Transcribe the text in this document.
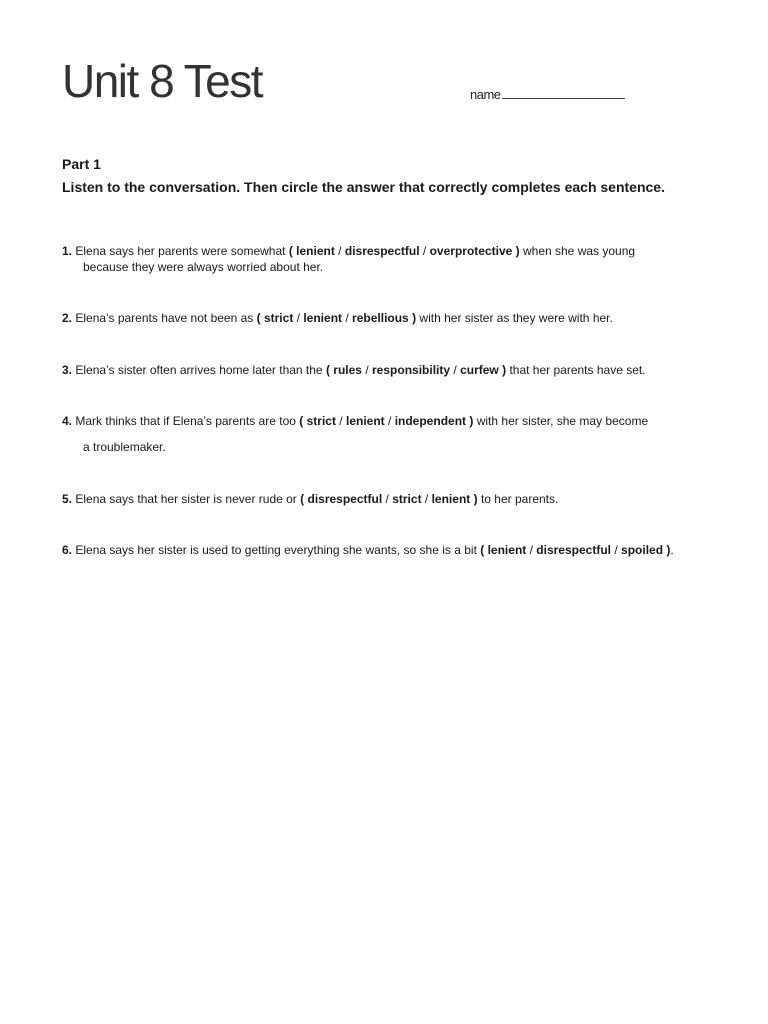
Unit 8 Test	name
Part 1

Listen to the conversation. Then circle the answer that correctly completes each sentence.

1. Elena says her parents were somewhat ( lenient / disrespectful / overprotective ) when she was young
because they were always worried about her.

2. Elena’s parents have not been as ( strict / lenient / rebellious ) with her sister as they were with her.

3. Elena’s sister often arrives home later than the ( rules / responsibility / curfew ) that her parents have set.

4. Mark thinks that if Elena’s parents are too ( strict / lenient / independent ) with her sister, she may become
a troublemaker.

5. Elena says that her sister is never rude or ( disrespectful / strict / lenient ) to her parents.

6. Elena says her sister is used to getting everything she wants, so she is a bit ( lenient / disrespectful / spoiled ).
